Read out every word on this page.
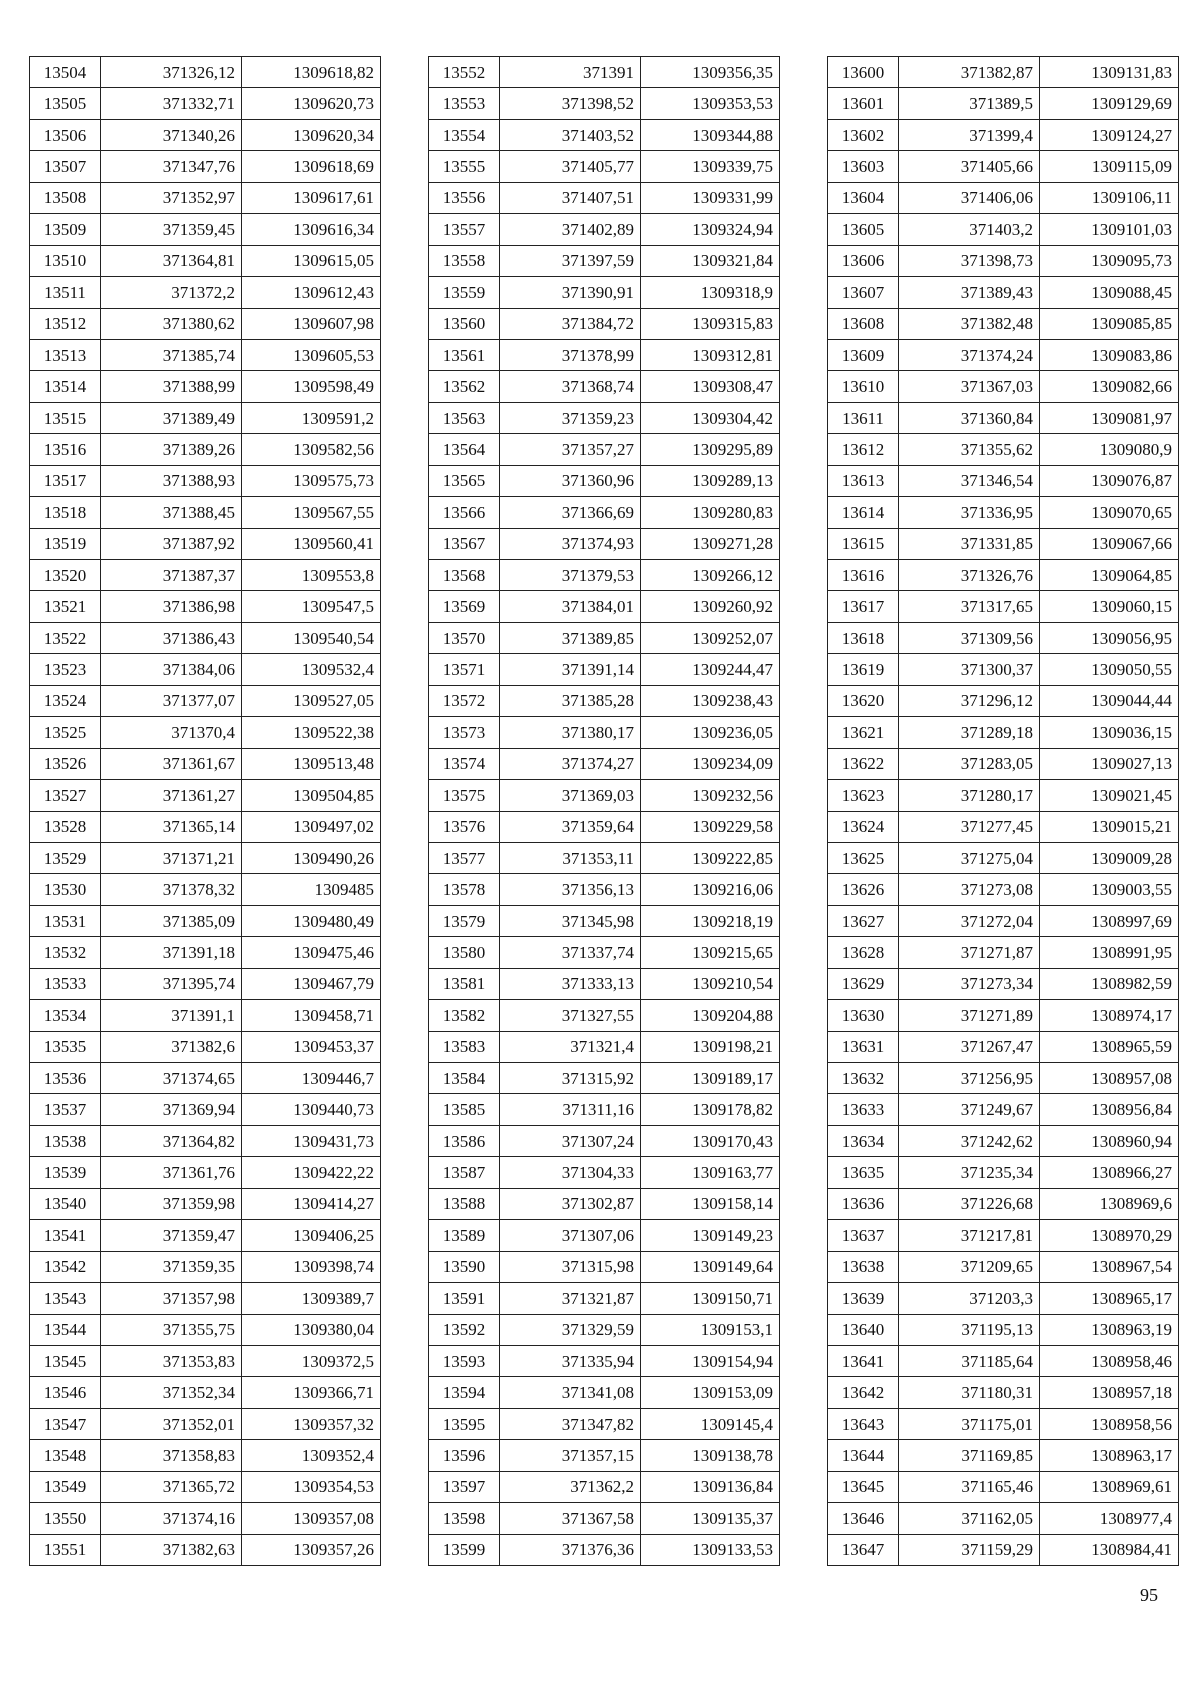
13504	371326,12	1309618,82
13505	371332,71	1309620,73
13506	371340,26	1309620,34
13507	371347,76	1309618,69
13508	371352,97	1309617,61
13509	371359,45	1309616,34
13510	371364,81	1309615,05
13511	371372,2	1309612,43
13512	371380,62	1309607,98
13513	371385,74	1309605,53
13514	371388,99	1309598,49
13515	371389,49	1309591,2
13516	371389,26	1309582,56
13517	371388,93	1309575,73
13518	371388,45	1309567,55
13519	371387,92	1309560,41
13520	371387,37	1309553,8
13521	371386,98	1309547,5
13522	371386,43	1309540,54
13523	371384,06	1309532,4
13524	371377,07	1309527,05
13525	371370,4	1309522,38
13526	371361,67	1309513,48
13527	371361,27	1309504,85
13528	371365,14	1309497,02
13529	371371,21	1309490,26
13530	371378,32	1309485
13531	371385,09	1309480,49
13532	371391,18	1309475,46
13533	371395,74	1309467,79
13534	371391,1	1309458,71
13535	371382,6	1309453,37
13536	371374,65	1309446,7
13537	371369,94	1309440,73
13538	371364,82	1309431,73
13539	371361,76	1309422,22
13540	371359,98	1309414,27
13541	371359,47	1309406,25
13542	371359,35	1309398,74
13543	371357,98	1309389,7
13544	371355,75	1309380,04
13545	371353,83	1309372,5
13546	371352,34	1309366,71
13547	371352,01	1309357,32
13548	371358,83	1309352,4
13549	371365,72	1309354,53
13550	371374,16	1309357,08
13551	371382,63	1309357,26
13552	371391	1309356,35
13553	371398,52	1309353,53
13554	371403,52	1309344,88
13555	371405,77	1309339,75
13556	371407,51	1309331,99
13557	371402,89	1309324,94
13558	371397,59	1309321,84
13559	371390,91	1309318,9
13560	371384,72	1309315,83
13561	371378,99	1309312,81
13562	371368,74	1309308,47
13563	371359,23	1309304,42
13564	371357,27	1309295,89
13565	371360,96	1309289,13
13566	371366,69	1309280,83
13567	371374,93	1309271,28
13568	371379,53	1309266,12
13569	371384,01	1309260,92
13570	371389,85	1309252,07
13571	371391,14	1309244,47
13572	371385,28	1309238,43
13573	371380,17	1309236,05
13574	371374,27	1309234,09
13575	371369,03	1309232,56
13576	371359,64	1309229,58
13577	371353,11	1309222,85
13578	371356,13	1309216,06
13579	371345,98	1309218,19
13580	371337,74	1309215,65
13581	371333,13	1309210,54
13582	371327,55	1309204,88
13583	371321,4	1309198,21
13584	371315,92	1309189,17
13585	371311,16	1309178,82
13586	371307,24	1309170,43
13587	371304,33	1309163,77
13588	371302,87	1309158,14
13589	371307,06	1309149,23
13590	371315,98	1309149,64
13591	371321,87	1309150,71
13592	371329,59	1309153,1
13593	371335,94	1309154,94
13594	371341,08	1309153,09
13595	371347,82	1309145,4
13596	371357,15	1309138,78
13597	371362,2	1309136,84
13598	371367,58	1309135,37
13599	371376,36	1309133,53
13600	371382,87	1309131,83
13601	371389,5	1309129,69
13602	371399,4	1309124,27
13603	371405,66	1309115,09
13604	371406,06	1309106,11
13605	371403,2	1309101,03
13606	371398,73	1309095,73
13607	371389,43	1309088,45
13608	371382,48	1309085,85
13609	371374,24	1309083,86
13610	371367,03	1309082,66
13611	371360,84	1309081,97
13612	371355,62	1309080,9
13613	371346,54	1309076,87
13614	371336,95	1309070,65
13615	371331,85	1309067,66
13616	371326,76	1309064,85
13617	371317,65	1309060,15
13618	371309,56	1309056,95
13619	371300,37	1309050,55
13620	371296,12	1309044,44
13621	371289,18	1309036,15
13622	371283,05	1309027,13
13623	371280,17	1309021,45
13624	371277,45	1309015,21
13625	371275,04	1309009,28
13626	371273,08	1309003,55
13627	371272,04	1308997,69
13628	371271,87	1308991,95
13629	371273,34	1308982,59
13630	371271,89	1308974,17
13631	371267,47	1308965,59
13632	371256,95	1308957,08
13633	371249,67	1308956,84
13634	371242,62	1308960,94
13635	371235,34	1308966,27
13636	371226,68	1308969,6
13637	371217,81	1308970,29
13638	371209,65	1308967,54
13639	371203,3	1308965,17
13640	371195,13	1308963,19
13641	371185,64	1308958,46
13642	371180,31	1308957,18
13643	371175,01	1308958,56
13644	371169,85	1308963,17
13645	371165,46	1308969,61
13646	371162,05	1308977,4
13647	371159,29	1308984,41
95
